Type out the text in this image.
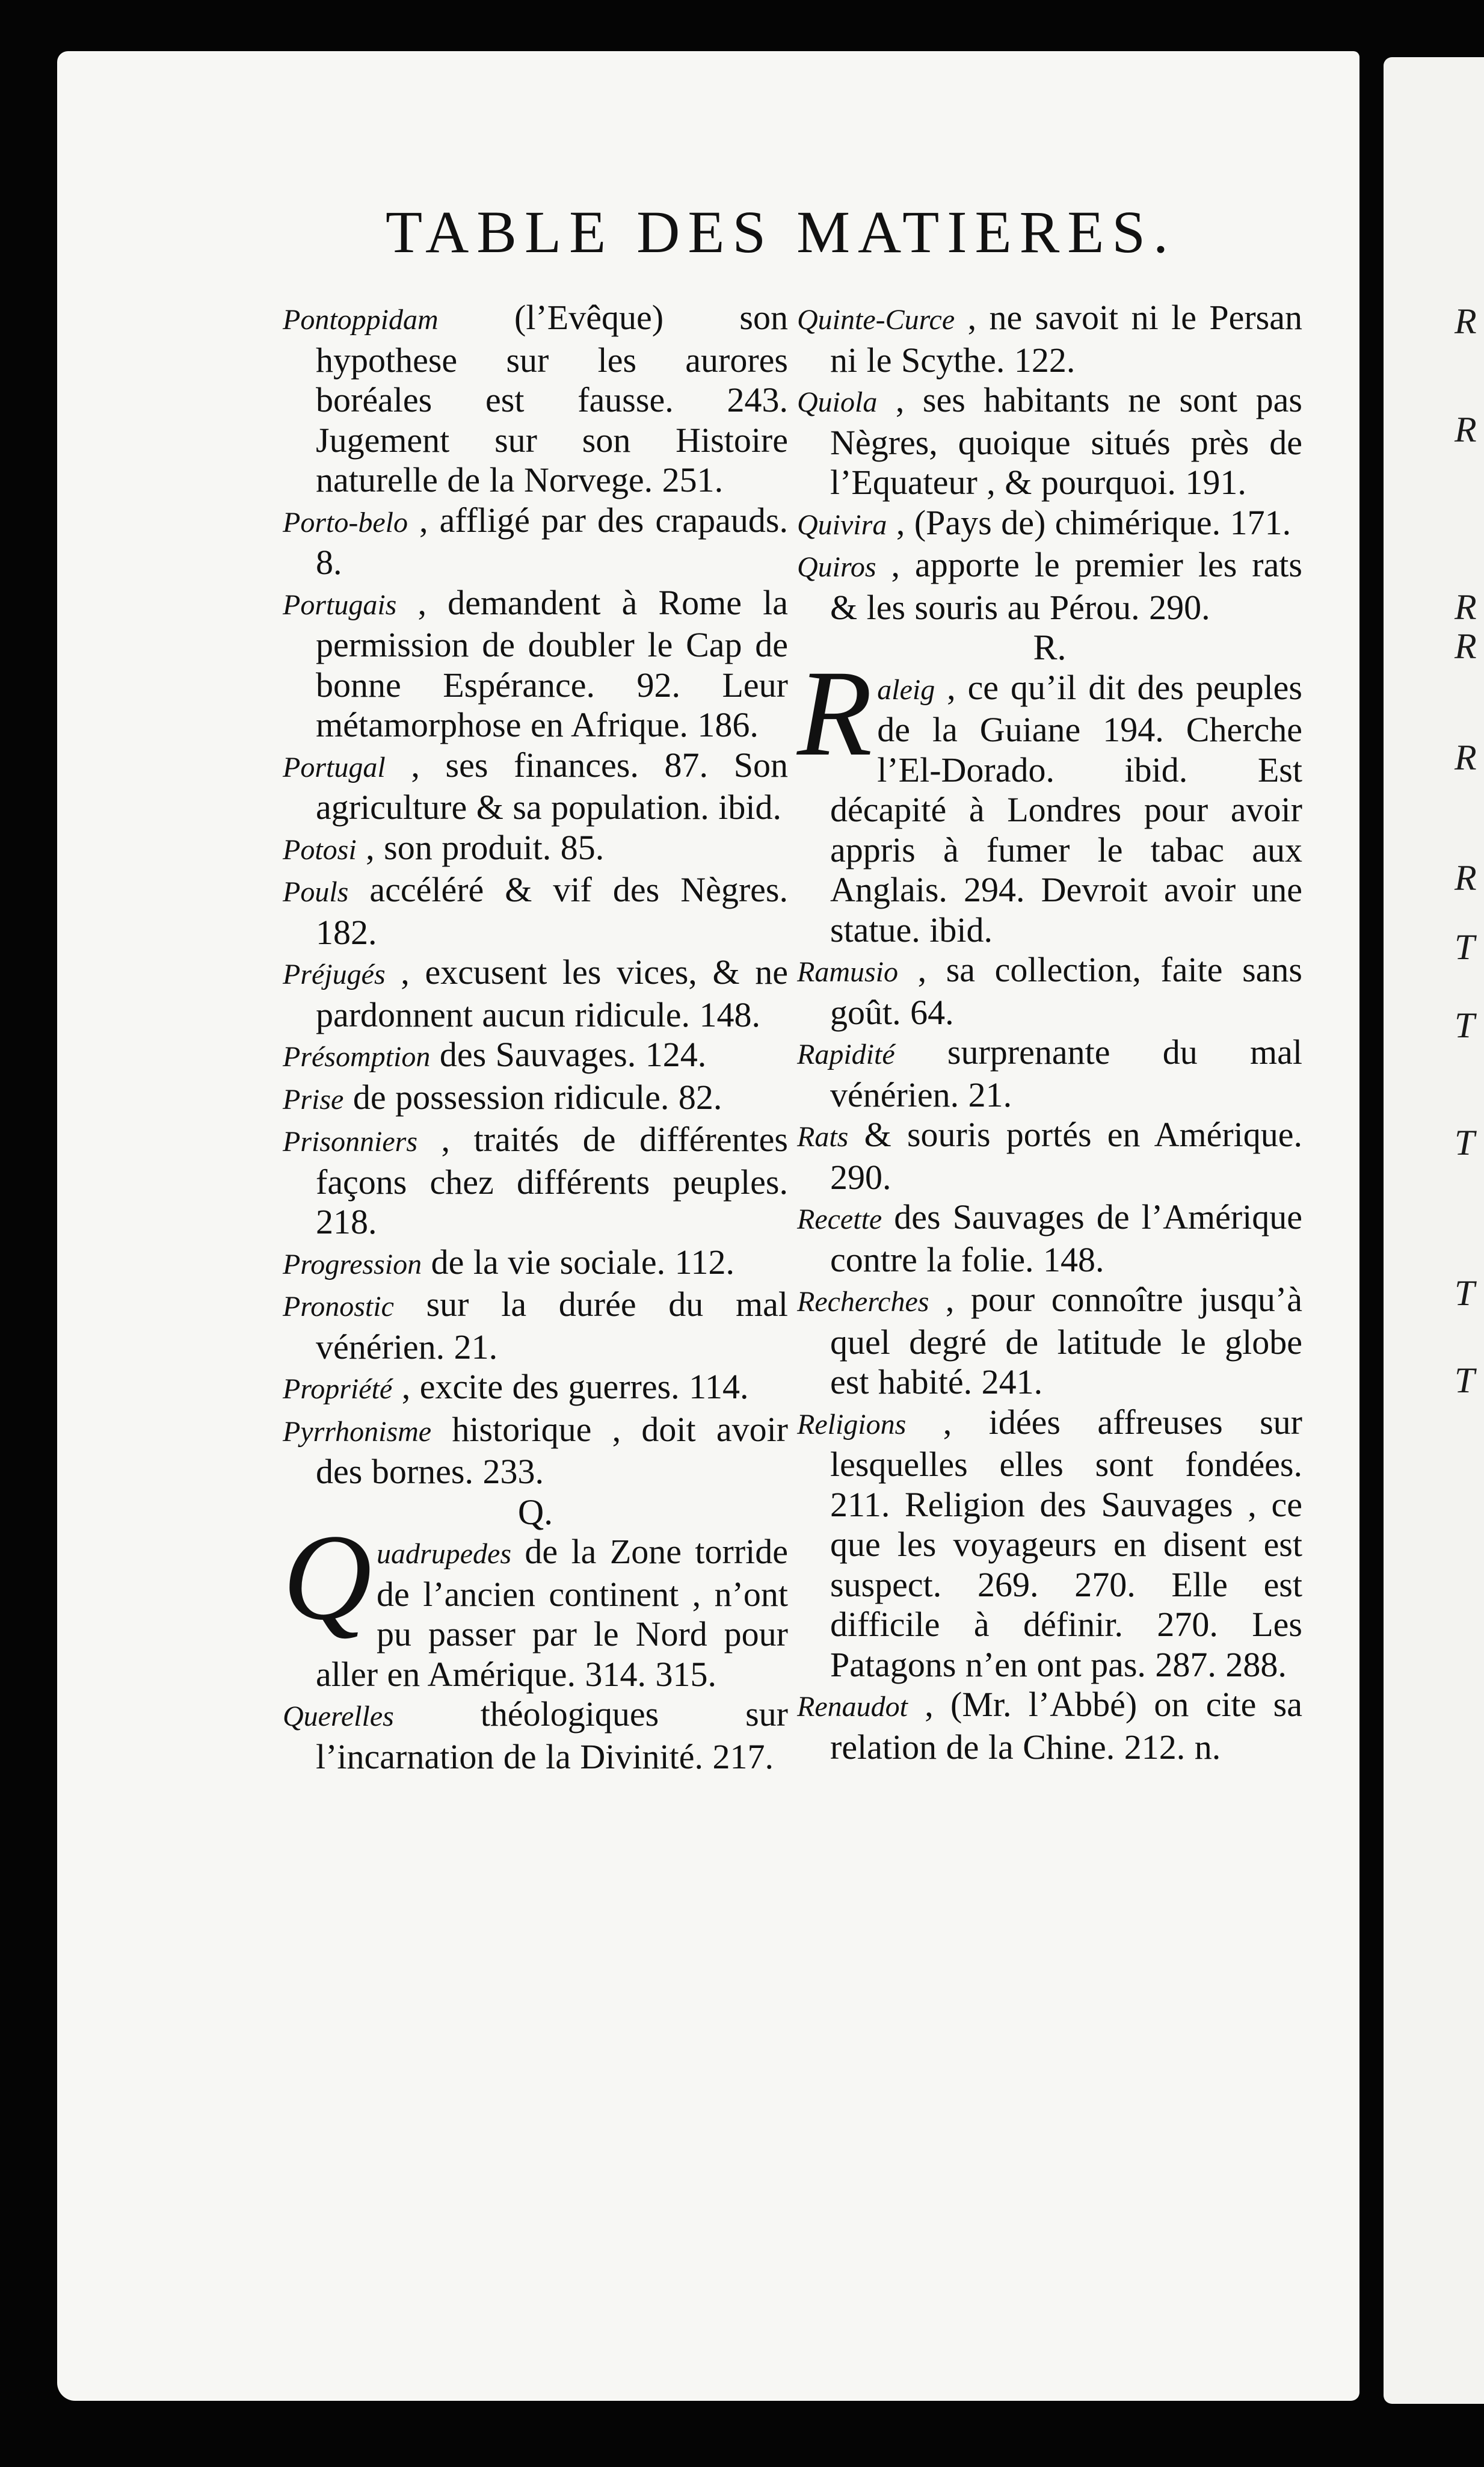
R
R
R
R
R
R
T
T
T
T
T
TABLE DES MATIERES.
Pontoppidam (l’Evêque) son hypothese sur les aurores boréales est fausse. 243. Jugement sur son Histoire naturelle de la Norvege. 251.
Porto-belo , affligé par des crapauds. 8.
Portugais , demandent à Rome la permission de doubler le Cap de bonne Espérance. 92. Leur métamorphose en Afrique. 186.
Portugal , ses finances. 87. Son agriculture & sa population. ibid.
Potosi , son produit. 85.
Pouls accéléré & vif des Nègres. 182.
Préjugés , excusent les vices, & ne pardonnent aucun ridicule. 148.
Présomption des Sauvages. 124.
Prise de possession ridicule. 82.
Prisonniers , traités de différentes façons chez différents peuples. 218.
Progression de la vie sociale. 112.
Pronostic sur la durée du mal vénérien. 21.
Propriété , excite des guerres. 114.
Pyrrhonisme historique , doit avoir des bornes. 233.
Q.
Quadrupedes de la Zone torride de l’ancien continent , n’ont pu passer par le Nord pour aller en Amérique. 314. 315.
Querelles théologiques sur l’incarnation de la Divinité. 217.
Quinte-Curce , ne savoit ni le Persan ni le Scythe. 122.
Quiola , ses habitants ne sont pas Nègres, quoique situés près de l’Equateur , & pourquoi. 191.
Quivira , (Pays de) chimérique. 171.
Quiros , apporte le premier les rats & les souris au Pérou. 290.
R.
Raleig , ce qu’il dit des peuples de la Guiane 194. Cherche l’El-Dorado. ibid. Est décapité à Londres pour avoir appris à fumer le tabac aux Anglais. 294. Devroit avoir une statue. ibid.
Ramusio , sa collection, faite sans goût. 64.
Rapidité surprenante du mal vénérien. 21.
Rats & souris portés en Amérique. 290.
Recette des Sauvages de l’Amérique contre la folie. 148.
Recherches , pour connoître jusqu’à quel degré de latitude le globe est habité. 241.
Religions , idées affreuses sur lesquelles elles sont fondées. 211. Religion des Sauvages , ce que les voyageurs en disent est suspect. 269. 270. Elle est difficile à définir. 270. Les Patagons n’en ont pas. 287. 288.
Renaudot , (Mr. l’Abbé) on cite sa relation de la Chine. 212. n.
